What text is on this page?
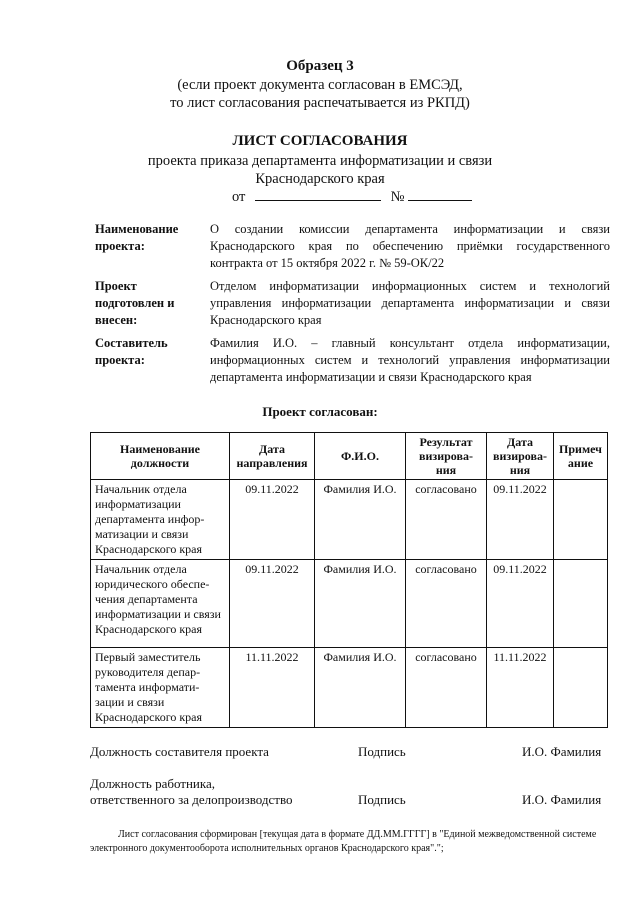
Образец 3
(если проект документа согласован в ЕМСЭД,
то лист согласования распечатывается из РКПД)
ЛИСТ СОГЛАСОВАНИЯ
проекта приказа департамента информатизации и связи
Краснодарского края
от	№
Наименование проекта:
О создании комиссии департамента информатизации и связи Краснодарского края по обеспечению приёмки государственного контракта от 15 октября 2022 г. № 59-ОК/22
Проект подготовлен и внесен:
Отделом информатизации информационных систем и технологий управления информатизации департамента информатизации и связи Краснодарского края
Составитель проекта:
Фамилия И.О. – главный консультант отдела информатизации, информационных систем и технологий управления информатизации департамента информатизации и связи Краснодарского края
Проект согласован:
Наименование должности	Дата направления	Ф.И.О.	Результат визирова-ния	Дата визирова-ния	Примеч ание
Начальник отдела информатизации департамента инфор-матизации и связи Краснодарского края	09.11.2022	Фамилия И.О.	согласовано	09.11.2022	
Начальник отдела юридического обеспе-чения департамента информатизации и связи Краснодарского края	09.11.2022	Фамилия И.О.	согласовано	09.11.2022	
Первый заместитель руководителя депар-тамента информати-зации и связи Краснодарского края	11.11.2022	Фамилия И.О.	согласовано	11.11.2022	
Должность составителя проекта	Подпись	И.О. Фамилия
Должность работника,
ответственного за делопроизводство	Подпись	И.О. Фамилия
Лист согласования сформирован [текущая дата в формате ДД.ММ.ГГГГ] в "Единой межведомственной системе электронного документооборота исполнительных органов Краснодарского края".";
